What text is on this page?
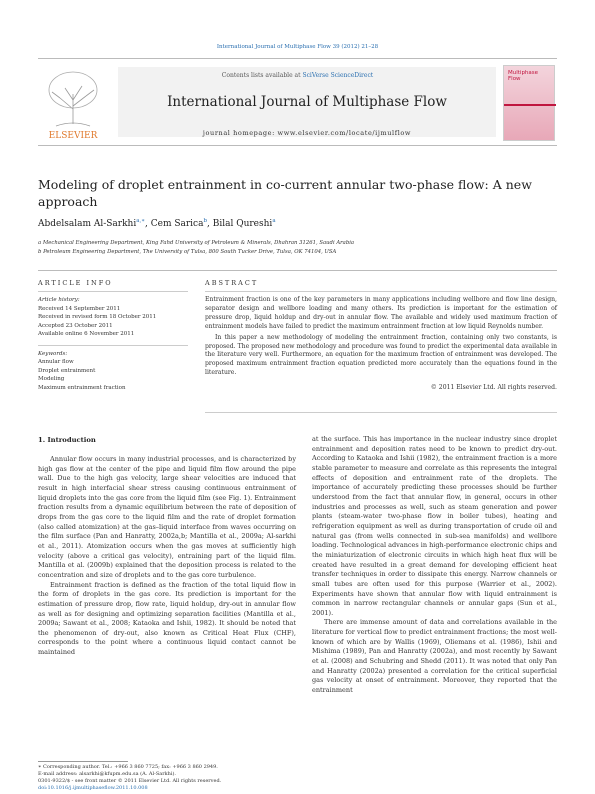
International Journal of Multiphase Flow 39 (2012) 21–28
ELSEVIER
Contents lists available at SciVerse ScienceDirect
International Journal of Multiphase Flow
journal homepage: www.elsevier.com/locate/ijmulflow
Multiphase Flow
Modeling of droplet entrainment in co-current annular two-phase flow: A new approach
Abdelsalam Al-Sarkhi$^{a,∗}$, Cem Sarica$^b$, Bilal Qureshi$^a$
a Mechanical Engineering Department, King Fahd University of Petroleum & Minerals, Dhahran 31261, Saudi Arabia
b Petroleum Engineering Department, The University of Tulsa, 800 South Tucker Drive, Tulsa, OK 74104, USA
ARTICLE INFO
Article history:
Received 14 September 2011
Received in revised form 18 October 2011
Accepted 23 October 2011
Available online 6 November 2011
Keywords:
Annular flow
Droplet entrainment
Modeling
Maximum entrainment fraction
ABSTRACT

Entrainment fraction is one of the key parameters in many applications including wellbore and flow line design, separator design and wellbore loading and many others. Its prediction is important for the estimation of pressure drop, liquid holdup and dry-out in annular flow. The available and widely used maximum fraction of entrainment models have failed to predict the maximum entrainment fraction at low liquid Reynolds number.

In this paper a new methodology of modeling the entrainment fraction, containing only two constants, is proposed. The proposed new methodology and procedure was found to predict the experimental data available in the literature very well. Furthermore, an equation for the maximum fraction of entrainment was developed. The proposed maximum entrainment fraction equation predicted more accurately than the equations found in the literature.

© 2011 Elsevier Ltd. All rights reserved.
1. Introduction

Annular flow occurs in many industrial processes, and is characterized by high gas flow at the center of the pipe and liquid film flow around the pipe wall. Due to the high gas velocity, large shear velocities are induced that result in high interfacial shear stress causing continuous entrainment of liquid droplets into the gas core from the liquid film (see Fig. 1). Entrainment fraction results from a dynamic equilibrium between the rate of deposition of drops from the gas core to the liquid film and the rate of droplet formation (also called atomization) at the gas–liquid interface from waves occurring on the film surface (Pan and Hanratty, 2002a,b; Mantilla et al., 2009a; Al-sarkhi et al., 2011). Atomization occurs when the gas moves at sufficiently high velocity (above a critical gas velocity), entraining part of the liquid film. Mantilla et al. (2009b) explained that the deposition process is related to the concentration and size of droplets and to the gas core turbulence.

Entrainment fraction is defined as the fraction of the total liquid flow in the form of droplets in the gas core. Its prediction is important for the estimation of pressure drop, flow rate, liquid holdup, dry-out in annular flow as well as for designing and optimizing separation facilities (Mantilla et al., 2009a; Sawant et al., 2008; Kataoka and Ishii, 1982). It should be noted that the phenomenon of dry-out, also known as Critical Heat Flux (CHF), corresponds to the point where a continuous liquid contact cannot be maintained

at the surface. This has importance in the nuclear industry since droplet entrainment and deposition rates need to be known to predict dry-out. According to Kataoka and Ishii (1982), the entrainment fraction is a more stable parameter to measure and correlate as this represents the integral effects of deposition and entrainment rate of the droplets. The importance of accurately predicting these processes should be further understood from the fact that annular flow, in general, occurs in other industries and processes as well, such as steam generation and power plants (steam-water two-phase flow in boiler tubes), heating and refrigeration equipment as well as during transportation of crude oil and natural gas (from wells connected in sub-sea manifolds) and wellbore loading. Technological advances in high-performance electronic chips and the miniaturization of electronic circuits in which high heat flux will be created have resulted in a great demand for developing efficient heat transfer techniques in order to dissipate this energy. Narrow channels or small tubes are often used for this purpose (Warrier et al., 2002). Experiments have shown that annular flow with liquid entrainment is common in narrow rectangular channels or annular gaps (Sun et al., 2001).

There are immense amount of data and correlations available in the literature for vertical flow to predict entrainment fractions; the most well-known of which are by Wallis (1969), Oliemans et al. (1986), Ishii and Mishima (1989), Pan and Hanratty (2002a), and most recently by Sawant et al. (2008) and Schubring and Shedd (2011). It was noted that only Pan and Hanratty (2002a) presented a correlation for the critical superficial gas velocity at onset of entrainment. Moreover, they reported that the entrainment

∗ Corresponding author. Tel.: +966 3 860 7725; fax: +966 3 860 2949.
E-mail address: alsarkhi@kfupm.edu.sa (A. Al-Sarkhi).
0301-9322/$ - see front matter © 2011 Elsevier Ltd. All rights reserved.
doi:10.1016/j.ijmultiphaseflow.2011.10.008
